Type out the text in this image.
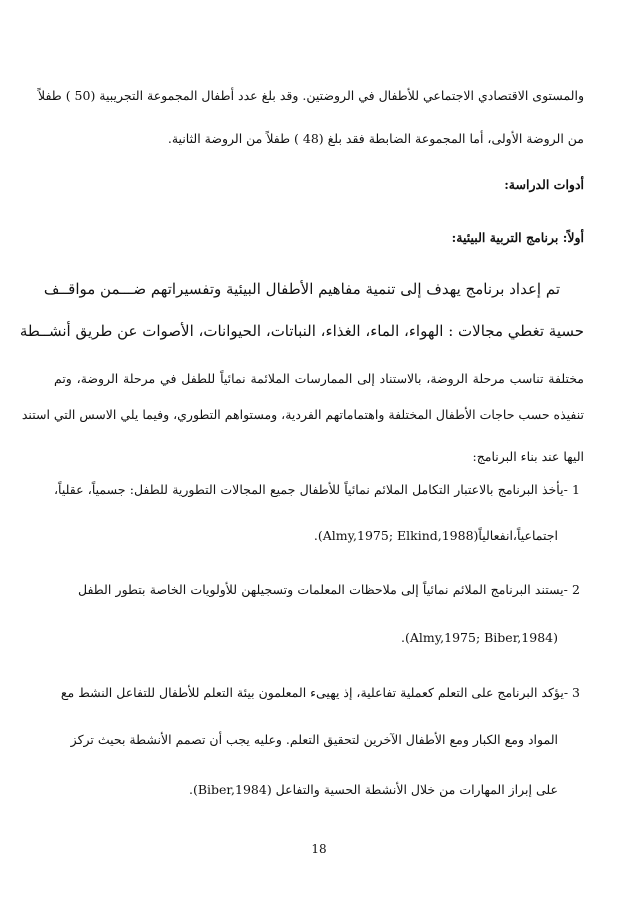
والمستوى الاقتصادي الاجتماعي للأطفال في الروضتين. وقد بلغ عدد أطفال المجموعة التجريبية (50 ) طفلاً
من الروضة الأولى، أما المجموعة الضابطة فقد بلغ (48 ) طفلاً من الروضة الثانية.
أدوات الدراسة:
أولاً: برنامج التربية البيئية:
تم إعداد برنامج يهدف إلى تنمية مفاهيم الأطفال البيئية وتفسيراتهم ضـــمن مواقــف
حسية تغطي مجالات : الهواء، الماء، الغذاء، النباتات، الحيوانات، الأصوات عن طريق أنشــطة
مختلفة تناسب مرحلة الروضة، بالاستناد إلى الممارسات الملائمة نمائياً للطفل في مرحلة الروضة، وتم
تنفيذه حسب حاجات الأطفال المختلفة واهتماماتهم الفردية، ومستواهم التطوري، وفيما يلي الاسس التي استند
اليها عند بناء البرنامج:
1 -يأخذ البرنامج بالاعتبار التكامل الملائم نمائياً للأطفال جميع المجالات التطورية للطفل: جسمياً، عقلياً،
اجتماعياً،انفعالياً(Almy,1975; Elkind,1988).
2 -يستند البرنامج الملائم نمائياً إلى ملاحظات المعلمات وتسجيلهن للأولويات الخاصة بتطور الطفل
(Almy,1975; Biber,1984).
3 -يؤكد البرنامج على التعلم كعملية تفاعلية، إذ يهيىء المعلمون بيئة التعلم للأطفال للتفاعل النشط مع
المواد ومع الكبار ومع الأطفال الآخرين لتحقيق التعلم. وعليه يجب أن تصمم الأنشطة بحيث تركز
على إبراز المهارات من خلال الأنشطة الحسية والتفاعل (Biber,1984).
18
